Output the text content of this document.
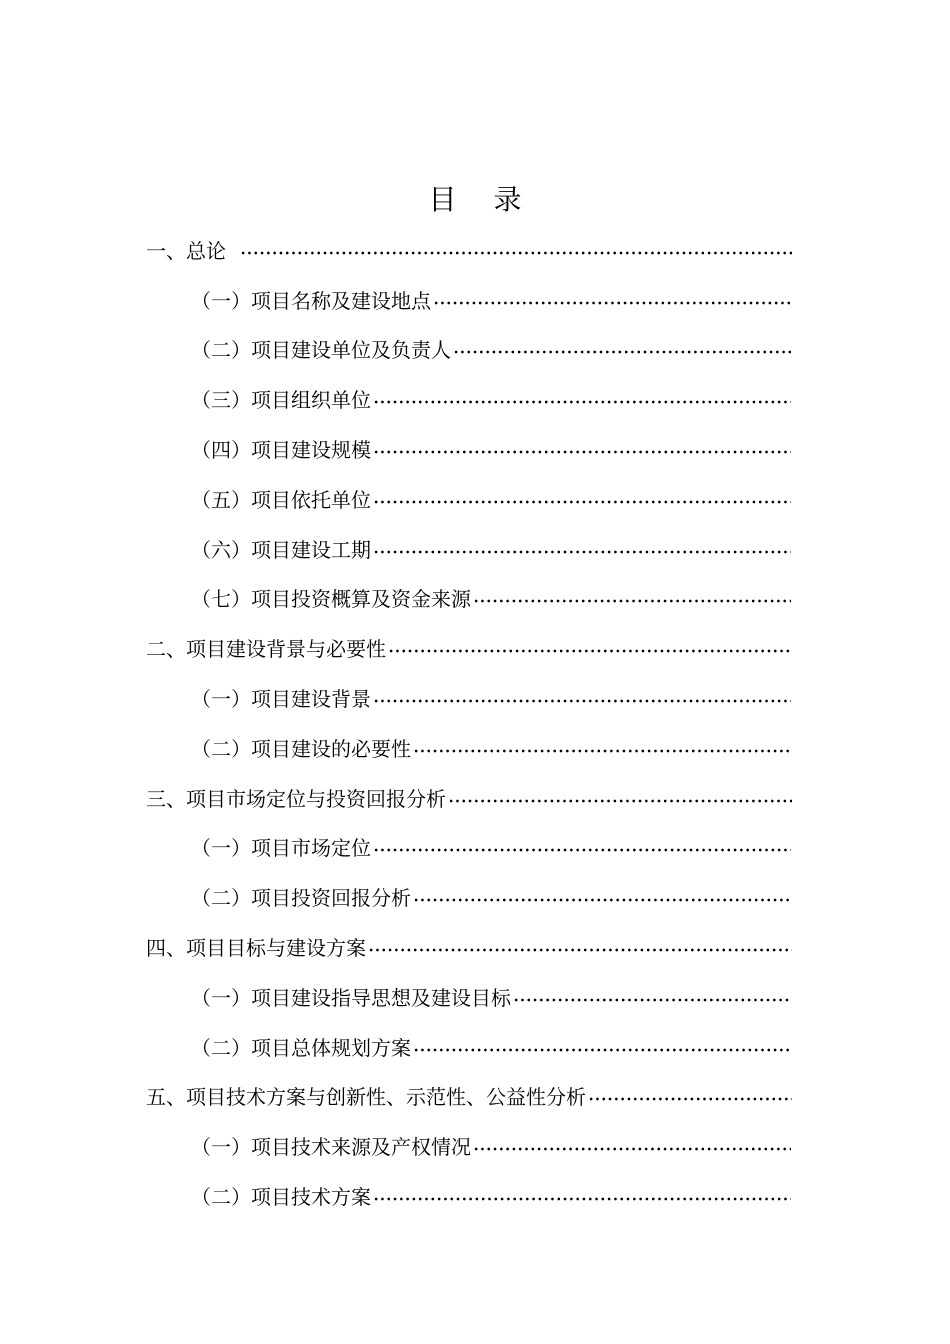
目 录
一、总论
（一）项目名称及建设地点
（二）项目建设单位及负责人
（三）项目组织单位
（四）项目建设规模
（五）项目依托单位
（六）项目建设工期
（七）项目投资概算及资金来源
二、项目建设背景与必要性
（一）项目建设背景
（二）项目建设的必要性
三、项目市场定位与投资回报分析
（一）项目市场定位
（二）项目投资回报分析
四、项目目标与建设方案
（一）项目建设指导思想及建设目标
（二）项目总体规划方案
五、项目技术方案与创新性、示范性、公益性分析
（一）项目技术来源及产权情况
（二）项目技术方案
